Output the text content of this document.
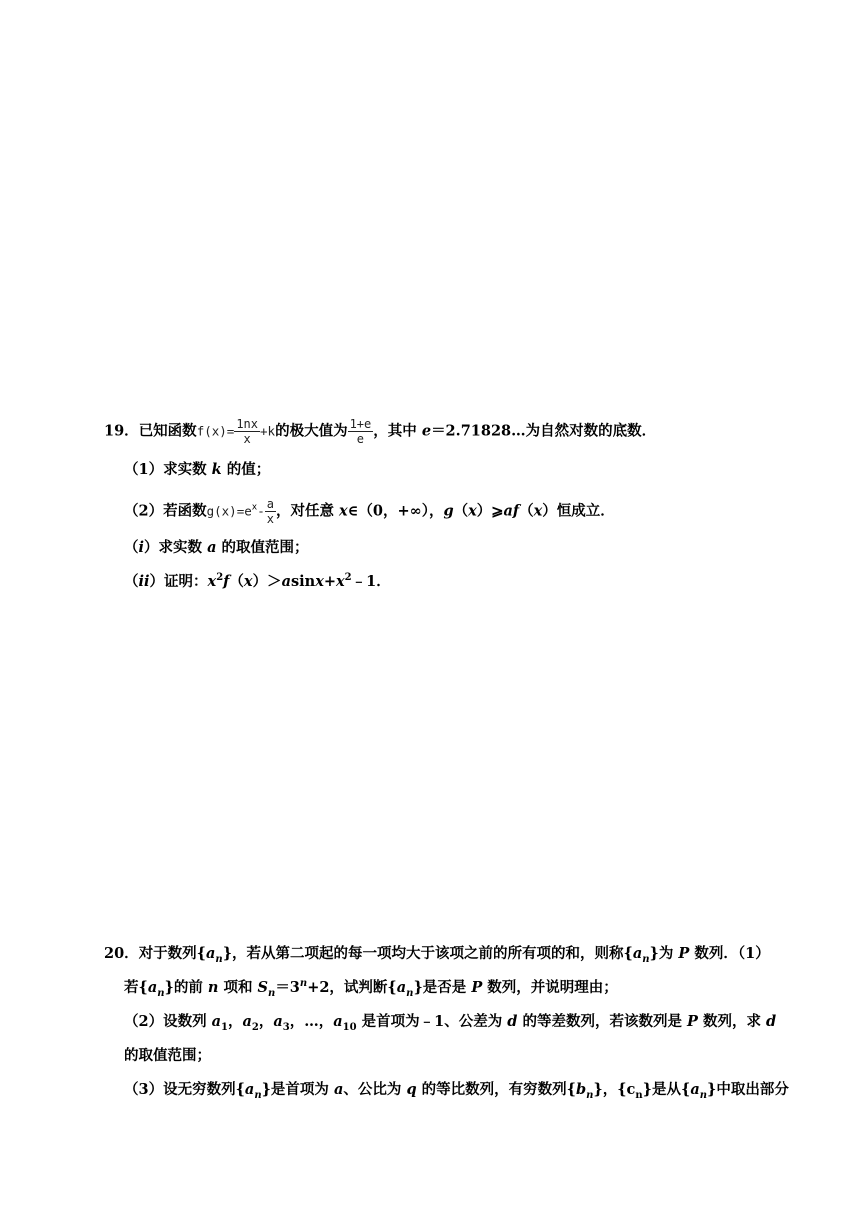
19．已知函数$f(x)= \frac{1nx}{x} +k$的极大值为 $\frac{1+e}{e}$ ，其中 e＝2.71828…为自然对数的底数．
（1）求实数 k 的值；
（2）若函数$g(x)=e^x- \frac{a}{x}$ ，对任意 x∈（0，+∞），g（x）⩾af（x）恒成立．
（i）求实数 a 的取值范围；
（ii）证明：$x^2f(x)>asinx+x^2﹣1$．
20．对于数列$\{a_n\}$，若从第二项起的每一项均大于该项之前的所有项的和，则称$\{a_n\}$为 P 数列．（1）
若$\{a_n\}$的前 n 项和 $S_n=3^n+2$，试判断$\{a_n\}$是否是 P 数列，并说明理由；
（2）设数列 $a_1$，$a_2$，$a_3$，…，$a_{10}$ 是首项为﹣1、公差为 d 的等差数列，若该数列是 P 数列，求 d
的取值范围；
（3）设无穷数列$\{a_n\}$是首项为 a、公比为 q 的等比数列，有穷数列$\{b_n\}$，$\{c_n\}$是从$\{a_n\}$中取出部分
